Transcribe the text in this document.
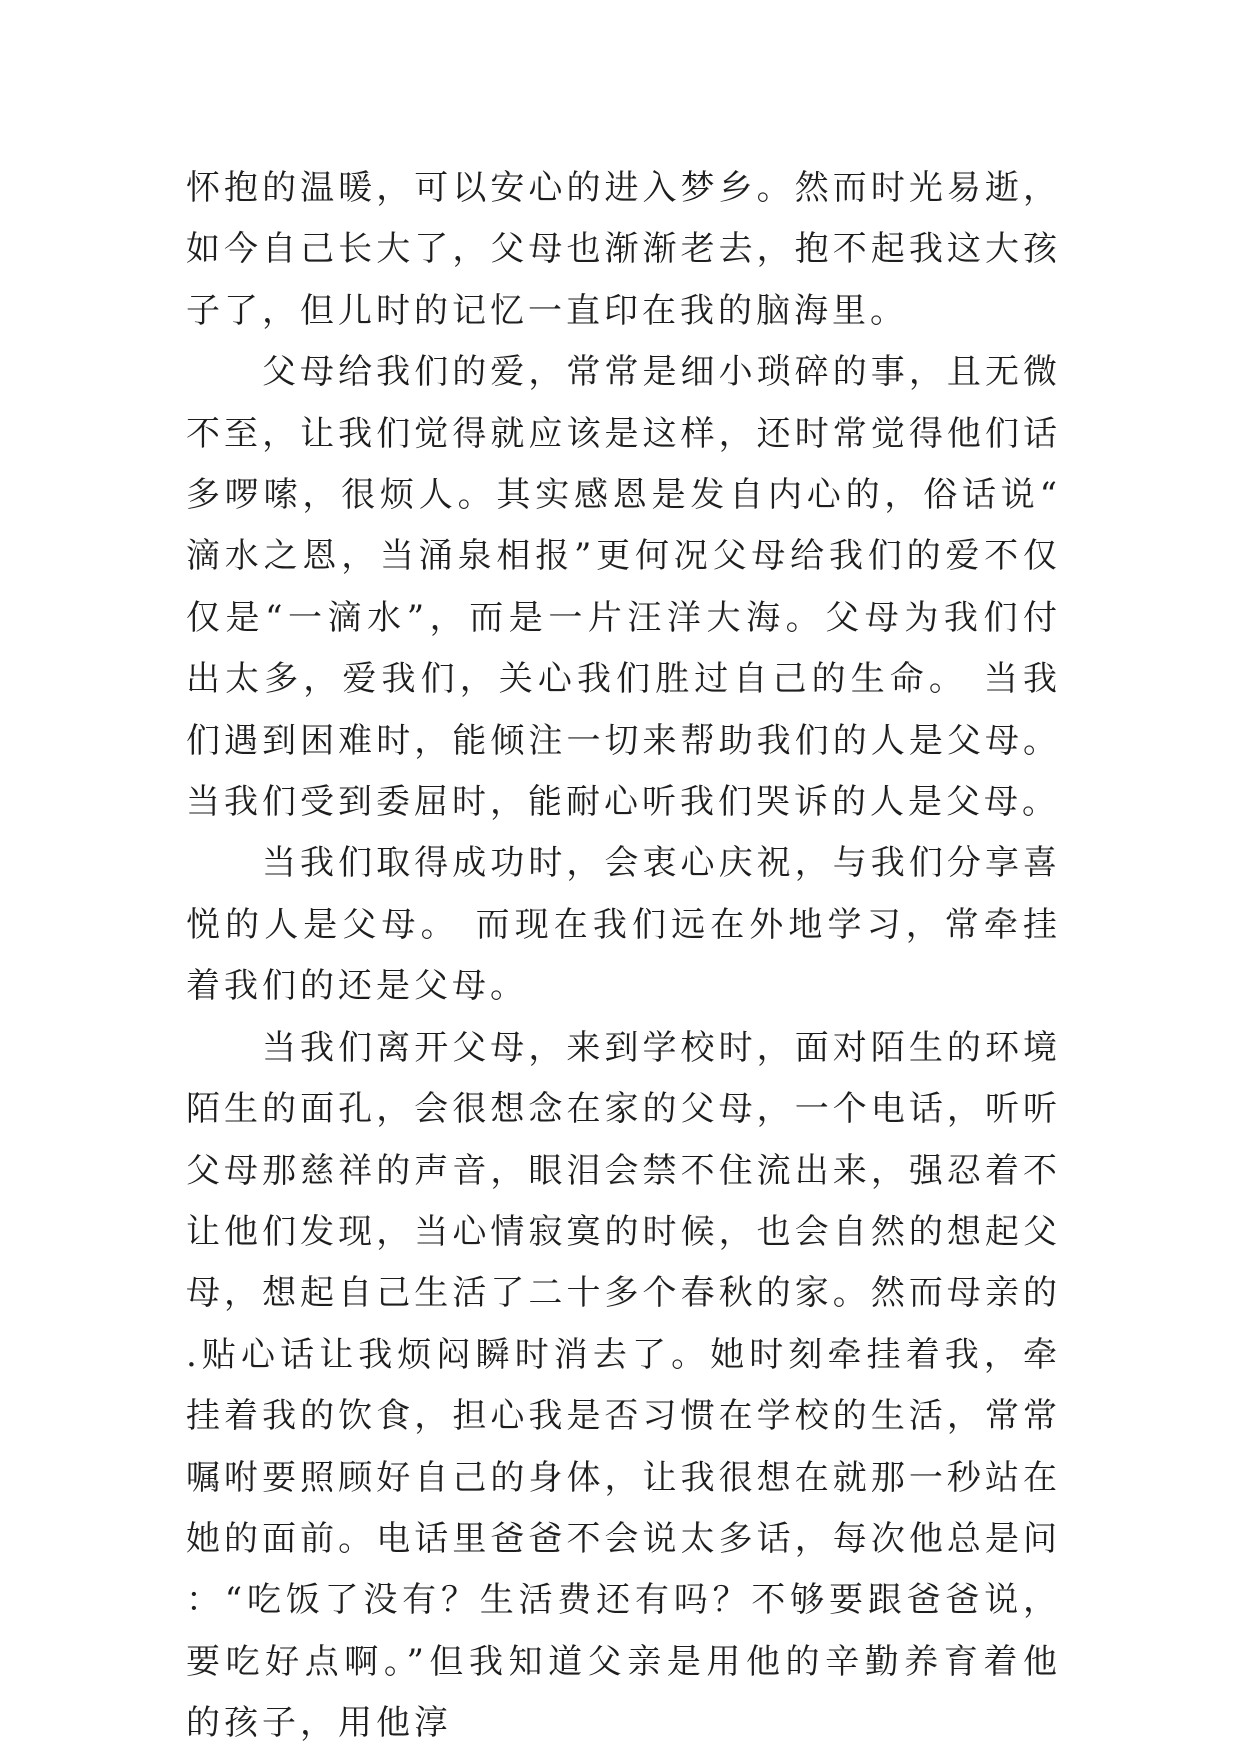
怀抱的温暖，可以安心的进入梦乡。然而时光易逝，如今自己长大了，父母也渐渐老去，抱不起我这大孩子了，但儿时的记忆一直印在我的脑海里。

父母给我们的爱，常常是细小琐碎的事，且无微不至，让我们觉得就应该是这样，还时常觉得他们话多啰嗦，很烦人。其实感恩是发自内心的，俗话说“滴水之恩，当涌泉相报”更何况父母给我们的爱不仅仅是“一滴水”，而是一片汪洋大海。父母为我们付出太多，爱我们，关心我们胜过自己的生命。 当我们遇到困难时，能倾注一切来帮助我们的人是父母。 当我们受到委屈时，能耐心听我们哭诉的人是父母。

当我们取得成功时，会衷心庆祝，与我们分享喜悦的人是父母。 而现在我们远在外地学习，常牵挂着我们的还是父母。

当我们离开父母，来到学校时，面对陌生的环境陌生的面孔，会很想念在家的父母，一个电话，听听父母那慈祥的声音，眼泪会禁不住流出来，强忍着不让他们发现，当心情寂寞的时候，也会自然的想起父母，想起自己生活了二十多个春秋的家。然而母亲的.贴心话让我烦闷瞬时消去了。她时刻牵挂着我，牵挂着我的饮食，担心我是否习惯在学校的生活，常常嘱咐要照顾好自己的身体，让我很想在就那一秒站在她的面前。电话里爸爸不会说太多话，每次他总是问：“吃饭了没有？生活费还有吗？不够要跟爸爸说，要吃好点啊。”但我知道父亲是用他的辛勤养育着他的孩子，用他淳
